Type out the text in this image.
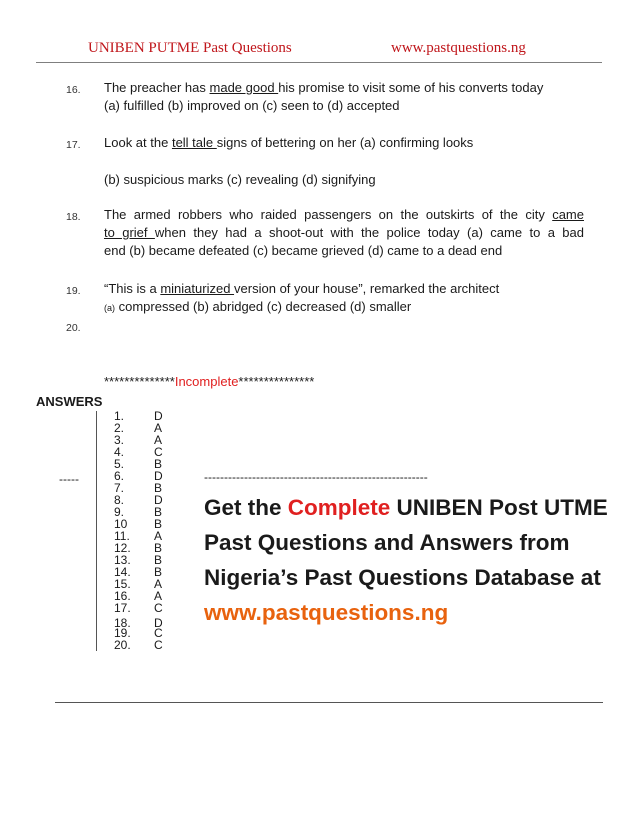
UNIBEN PUTME Past Questions	www.pastquestions.ng
16. The preacher has made good his promise to visit some of his converts today
(a) fulfilled (b) improved on (c) seen to (d) accepted
17. Look at the tell tale signs of bettering on her (a) confirming looks
(b) suspicious marks (c) revealing (d) signifying
18. The armed robbers who raided passengers on the outskirts of the city came
to grief when they had a shoot-out with the police today (a) came to a bad
end (b) became defeated (c) became grieved (d) came to a dead end
19. “This is a miniaturized version of your house”, remarked the architect
(a) compressed (b) abridged (c) decreased (d) smaller
20.
**************Incomplete***************
ANSWERS
-----
1.	D
2.	A
3.	A
4.	C
5.	B
6.	D
7.	B
8.	D
9.	B
10	B
11.	A
12.	B
13.	B
14.	B
15.	A
16.	A
17.	C
18.	D
19.	C
20.	C
--------------------------------------------------------
Get the Complete UNIBEN Post UTME Past Questions and Answers from Nigeria’s Past Questions Database at
www.pastquestions.ng
